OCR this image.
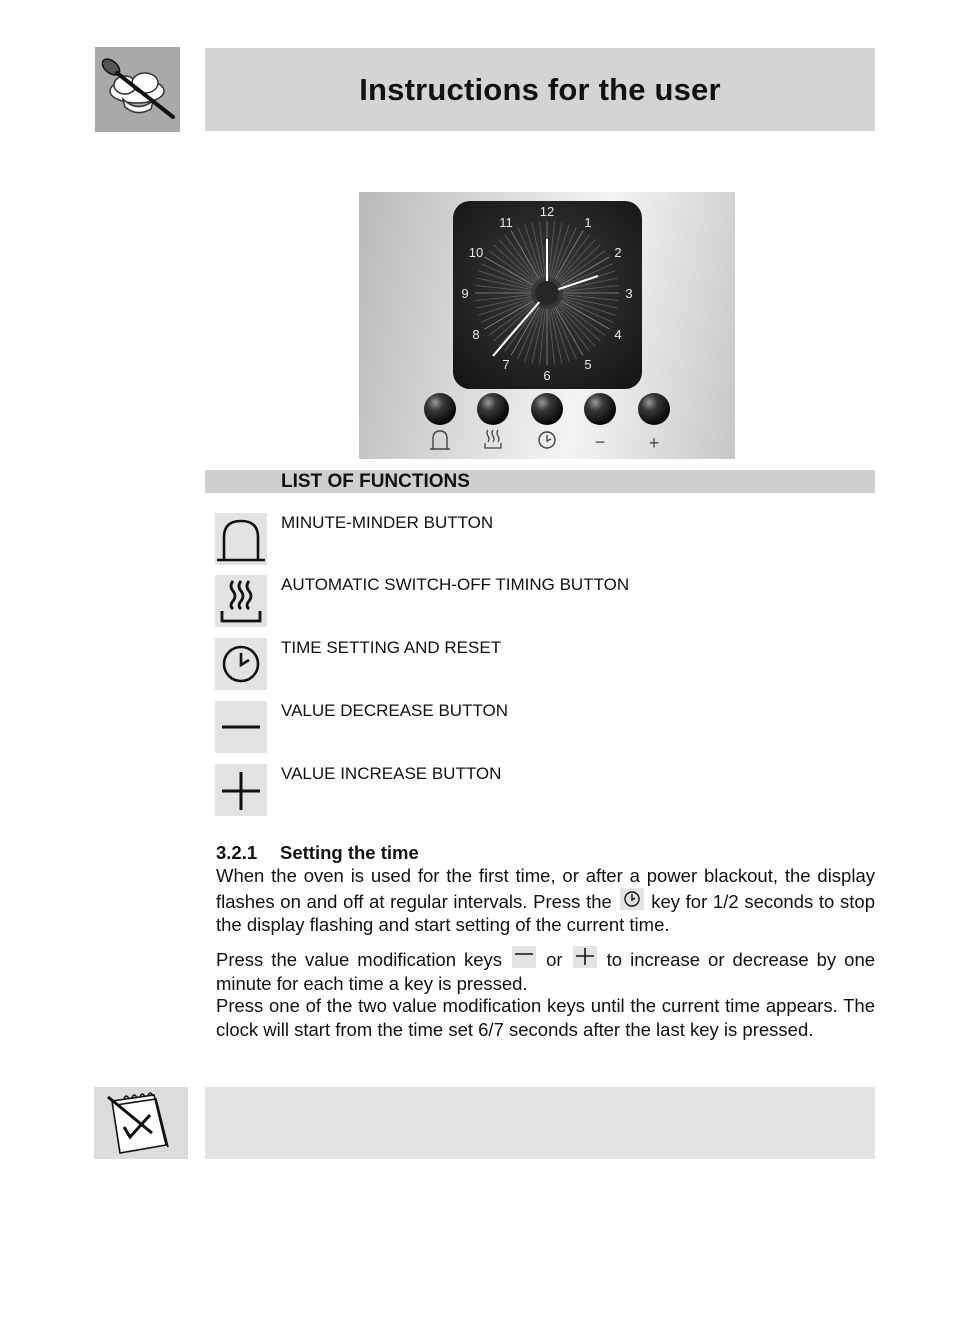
Instructions for the user
12
1
2
3
4
5
6
7
8
9
10
11
− +
LIST OF FUNCTIONS
MINUTE-MINDER BUTTON
AUTOMATIC SWITCH-OFF TIMING BUTTON
TIME SETTING AND RESET
VALUE DECREASE BUTTON
VALUE INCREASE BUTTON
3.2.1 Setting the time
When the oven is used for the first time, or after a power blackout, the display flashes on and off at regular intervals. Press the key for 1/2 seconds to stop the display flashing and start setting of the current time.
Press the value modification keys or to increase or decrease by one minute for each time a key is pressed.
Press one of the two value modification keys until the current time appears. The clock will start from the time set 6/7 seconds after the last key is pressed.
